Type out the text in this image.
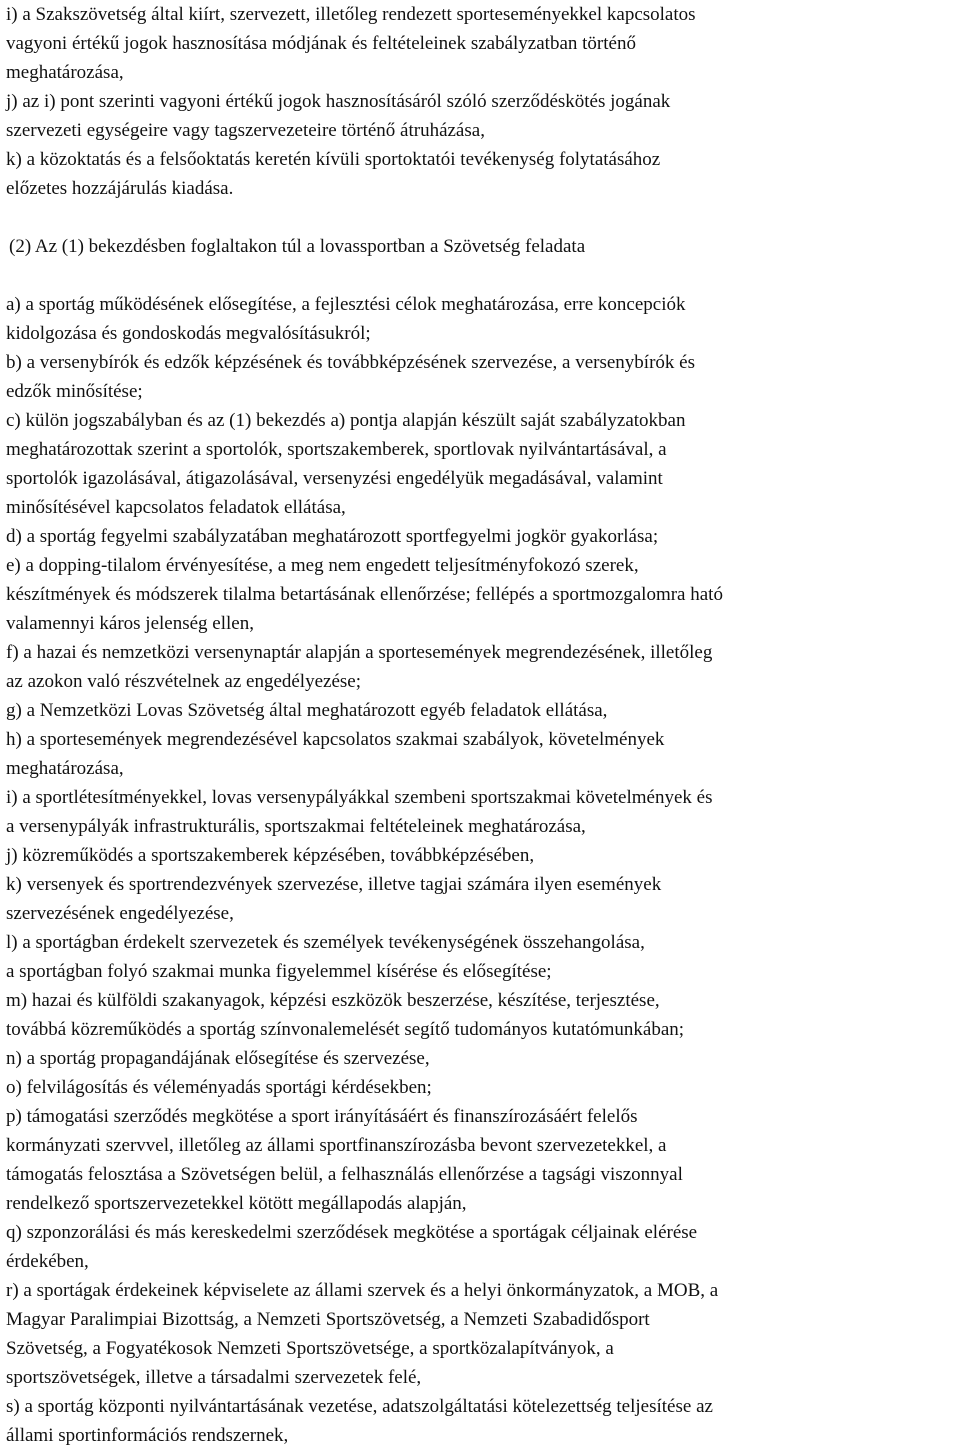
i) a Szakszövetség által kiírt, szervezett, illetőleg rendezett sporteseményekkel kapcsolatos
vagyoni értékű jogok hasznosítása módjának és feltételeinek szabályzatban történő
meghatározása,
j) az i) pont szerinti vagyoni értékű jogok hasznosításáról szóló szerződéskötés jogának
szervezeti egységeire vagy tagszervezeteire történő átruházása,
k) a közoktatás és a felsőoktatás keretén kívüli sportoktatói tevékenység folytatásához
előzetes hozzájárulás kiadása.
(2) Az (1) bekezdésben foglaltakon túl a lovassportban a Szövetség feladata
a) a sportág működésének elősegítése, a fejlesztési célok meghatározása, erre koncepciók
kidolgozása és gondoskodás megvalósításukról;
b) a versenybírók és edzők képzésének és továbbképzésének szervezése, a versenybírók és
edzők minősítése;
c) külön jogszabályban és az (1) bekezdés a) pontja alapján készült saját szabályzatokban
meghatározottak szerint a sportolók, sportszakemberek, sportlovak nyilvántartásával, a
sportolók igazolásával, átigazolásával, versenyzési engedélyük megadásával, valamint
minősítésével kapcsolatos feladatok ellátása,
d) a sportág fegyelmi szabályzatában meghatározott sportfegyelmi jogkör gyakorlása;
e) a dopping-tilalom érvényesítése, a meg nem engedett teljesítményfokozó szerek,
készítmények és módszerek tilalma betartásának ellenőrzése; fellépés a sportmozgalomra ható
valamennyi káros jelenség ellen,
f) a hazai és nemzetközi versenynaptár alapján a sportesemények megrendezésének, illetőleg
az azokon való részvételnek az engedélyezése;
g) a Nemzetközi Lovas Szövetség által meghatározott egyéb feladatok ellátása,
h) a sportesemények megrendezésével kapcsolatos szakmai szabályok, követelmények
meghatározása,
i) a sportlétesítményekkel, lovas versenypályákkal szembeni sportszakmai követelmények és
a versenypályák infrastrukturális, sportszakmai feltételeinek meghatározása,
j) közreműködés a sportszakemberek képzésében, továbbképzésében,
k) versenyek és sportrendezvények szervezése, illetve tagjai számára ilyen események
szervezésének engedélyezése,
l) a sportágban érdekelt szervezetek és személyek tevékenységének összehangolása,
a sportágban folyó szakmai munka figyelemmel kísérése és elősegítése;
m) hazai és külföldi szakanyagok, képzési eszközök beszerzése, készítése, terjesztése,
továbbá közreműködés a sportág színvonalemelését segítő tudományos kutatómunkában;
n) a sportág propagandájának elősegítése és szervezése,
o) felvilágosítás és véleményadás sportági kérdésekben;
p) támogatási szerződés megkötése a sport irányításáért és finanszírozásáért felelős
kormányzati szervvel, illetőleg az állami sportfinanszírozásba bevont szervezetekkel, a
támogatás felosztása a Szövetségen belül, a felhasználás ellenőrzése a tagsági viszonnyal
rendelkező sportszervezetekkel kötött megállapodás alapján,
q) szponzorálási és más kereskedelmi szerződések megkötése a sportágak céljainak elérése
érdekében,
r) a sportágak érdekeinek képviselete az állami szervek és a helyi önkormányzatok, a MOB, a
Magyar Paralimpiai Bizottság, a Nemzeti Sportszövetség, a Nemzeti Szabadidősport
Szövetség, a Fogyatékosok Nemzeti Sportszövetsége, a sportközalapítványok, a
sportszövetségek, illetve a társadalmi szervezetek felé,
s) a sportág központi nyilvántartásának vezetése, adatszolgáltatási kötelezettség teljesítése az
állami sportinformációs rendszernek,
